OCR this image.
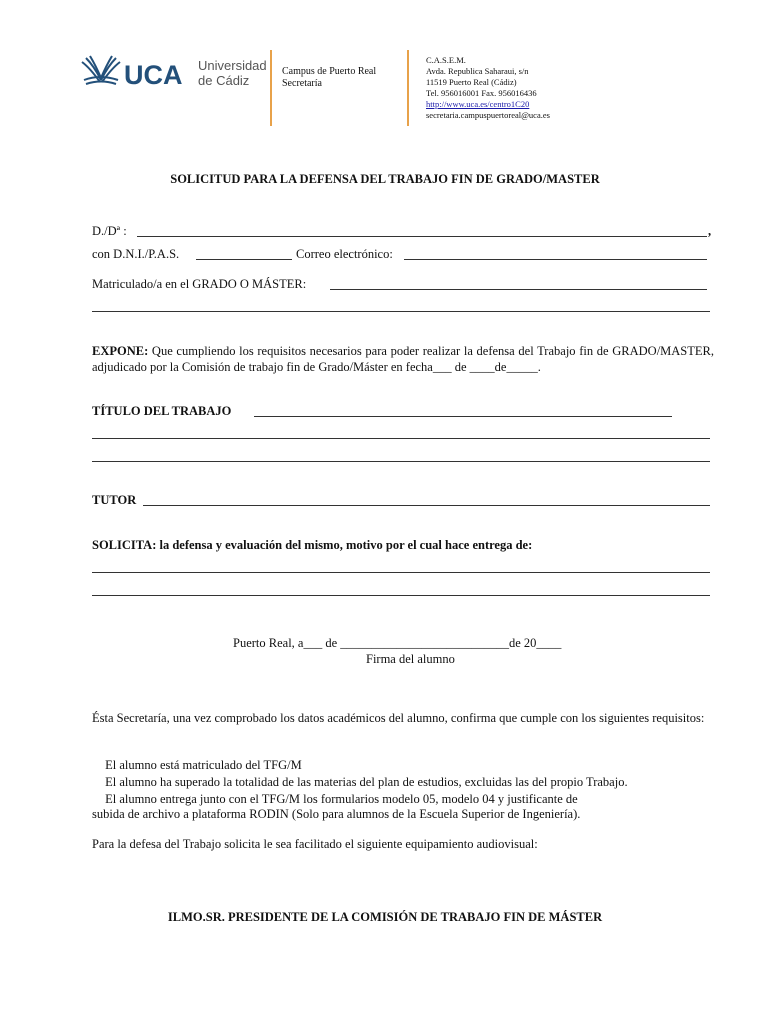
UCA Universidad
de Cádiz
Campus de Puerto Real
Secretaría
C.A.S.E.M.
Avda. Republica Saharaui, s/n
11519 Puerto Real (Cádiz)
Tel. 956016001 Fax. 956016436
http://www.uca.es/centro1C20
secretaria.campuspuertoreal@uca.es
SOLICITUD PARA LA DEFENSA DEL TRABAJO FIN DE GRADO/MASTER
D./Dª :	,
con D.N.I./P.A.S.	Correo electrónico:
Matriculado/a en el GRADO O MÁSTER:
EXPONE: Que cumpliendo los requisitos necesarios para poder realizar la defensa del Trabajo fin de GRADO/MASTER, adjudicado por la Comisión de trabajo fin de Grado/Máster en fecha___ de ____de_____.
TÍTULO DEL TRABAJO
TUTOR
SOLICITA: la defensa y evaluación del mismo, motivo por el cual hace entrega de:
Puerto Real, a___ de ___________________________de 20____
Firma del alumno
Ésta Secretaría, una vez comprobado los datos académicos del alumno, confirma que cumple con los siguientes requisitos:
El alumno está matriculado del TFG/M
El alumno ha superado la totalidad de las materias del plan de estudios, excluidas las del propio Trabajo.
El alumno entrega junto con el TFG/M los formularios modelo 05, modelo 04 y justificante de
subida de archivo a plataforma RODIN (Solo para alumnos de la Escuela Superior de Ingeniería).
Para la defesa del Trabajo solicita le sea facilitado el siguiente equipamiento audiovisual:
ILMO.SR. PRESIDENTE DE LA COMISIÓN DE TRABAJO FIN DE MÁSTER
